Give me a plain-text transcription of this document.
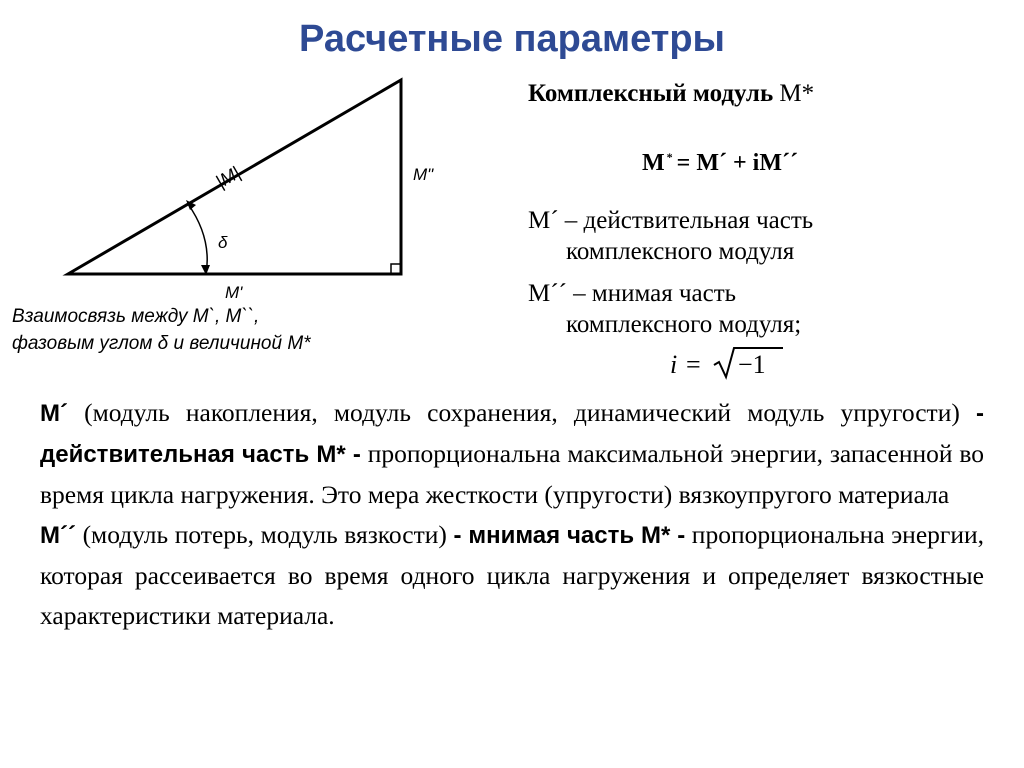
Расчетные параметры
|M|	M"
M'
δ
Взаимосвязь между M`, M``,
фазовым углом δ и величиной M*
Комплексный модуль М*
M * = M´ + iM´´
М´ – действительная часть
комплексного модуля
М´´ – мнимая часть
комплексного модуля;
i = −1

М´ (модуль накопления, модуль сохранения, динамический модуль упругости) - действительная часть М* - пропорциональна максимальной энергии, запасенной во время цикла нагружения. Это мера жесткости (упругости) вязкоупругого материала

М´´ (модуль потерь, модуль вязкости) - мнимая часть М* - пропорциональна энергии, которая рассеивается во время одного цикла нагружения и определяет вязкостные характеристики материала.
